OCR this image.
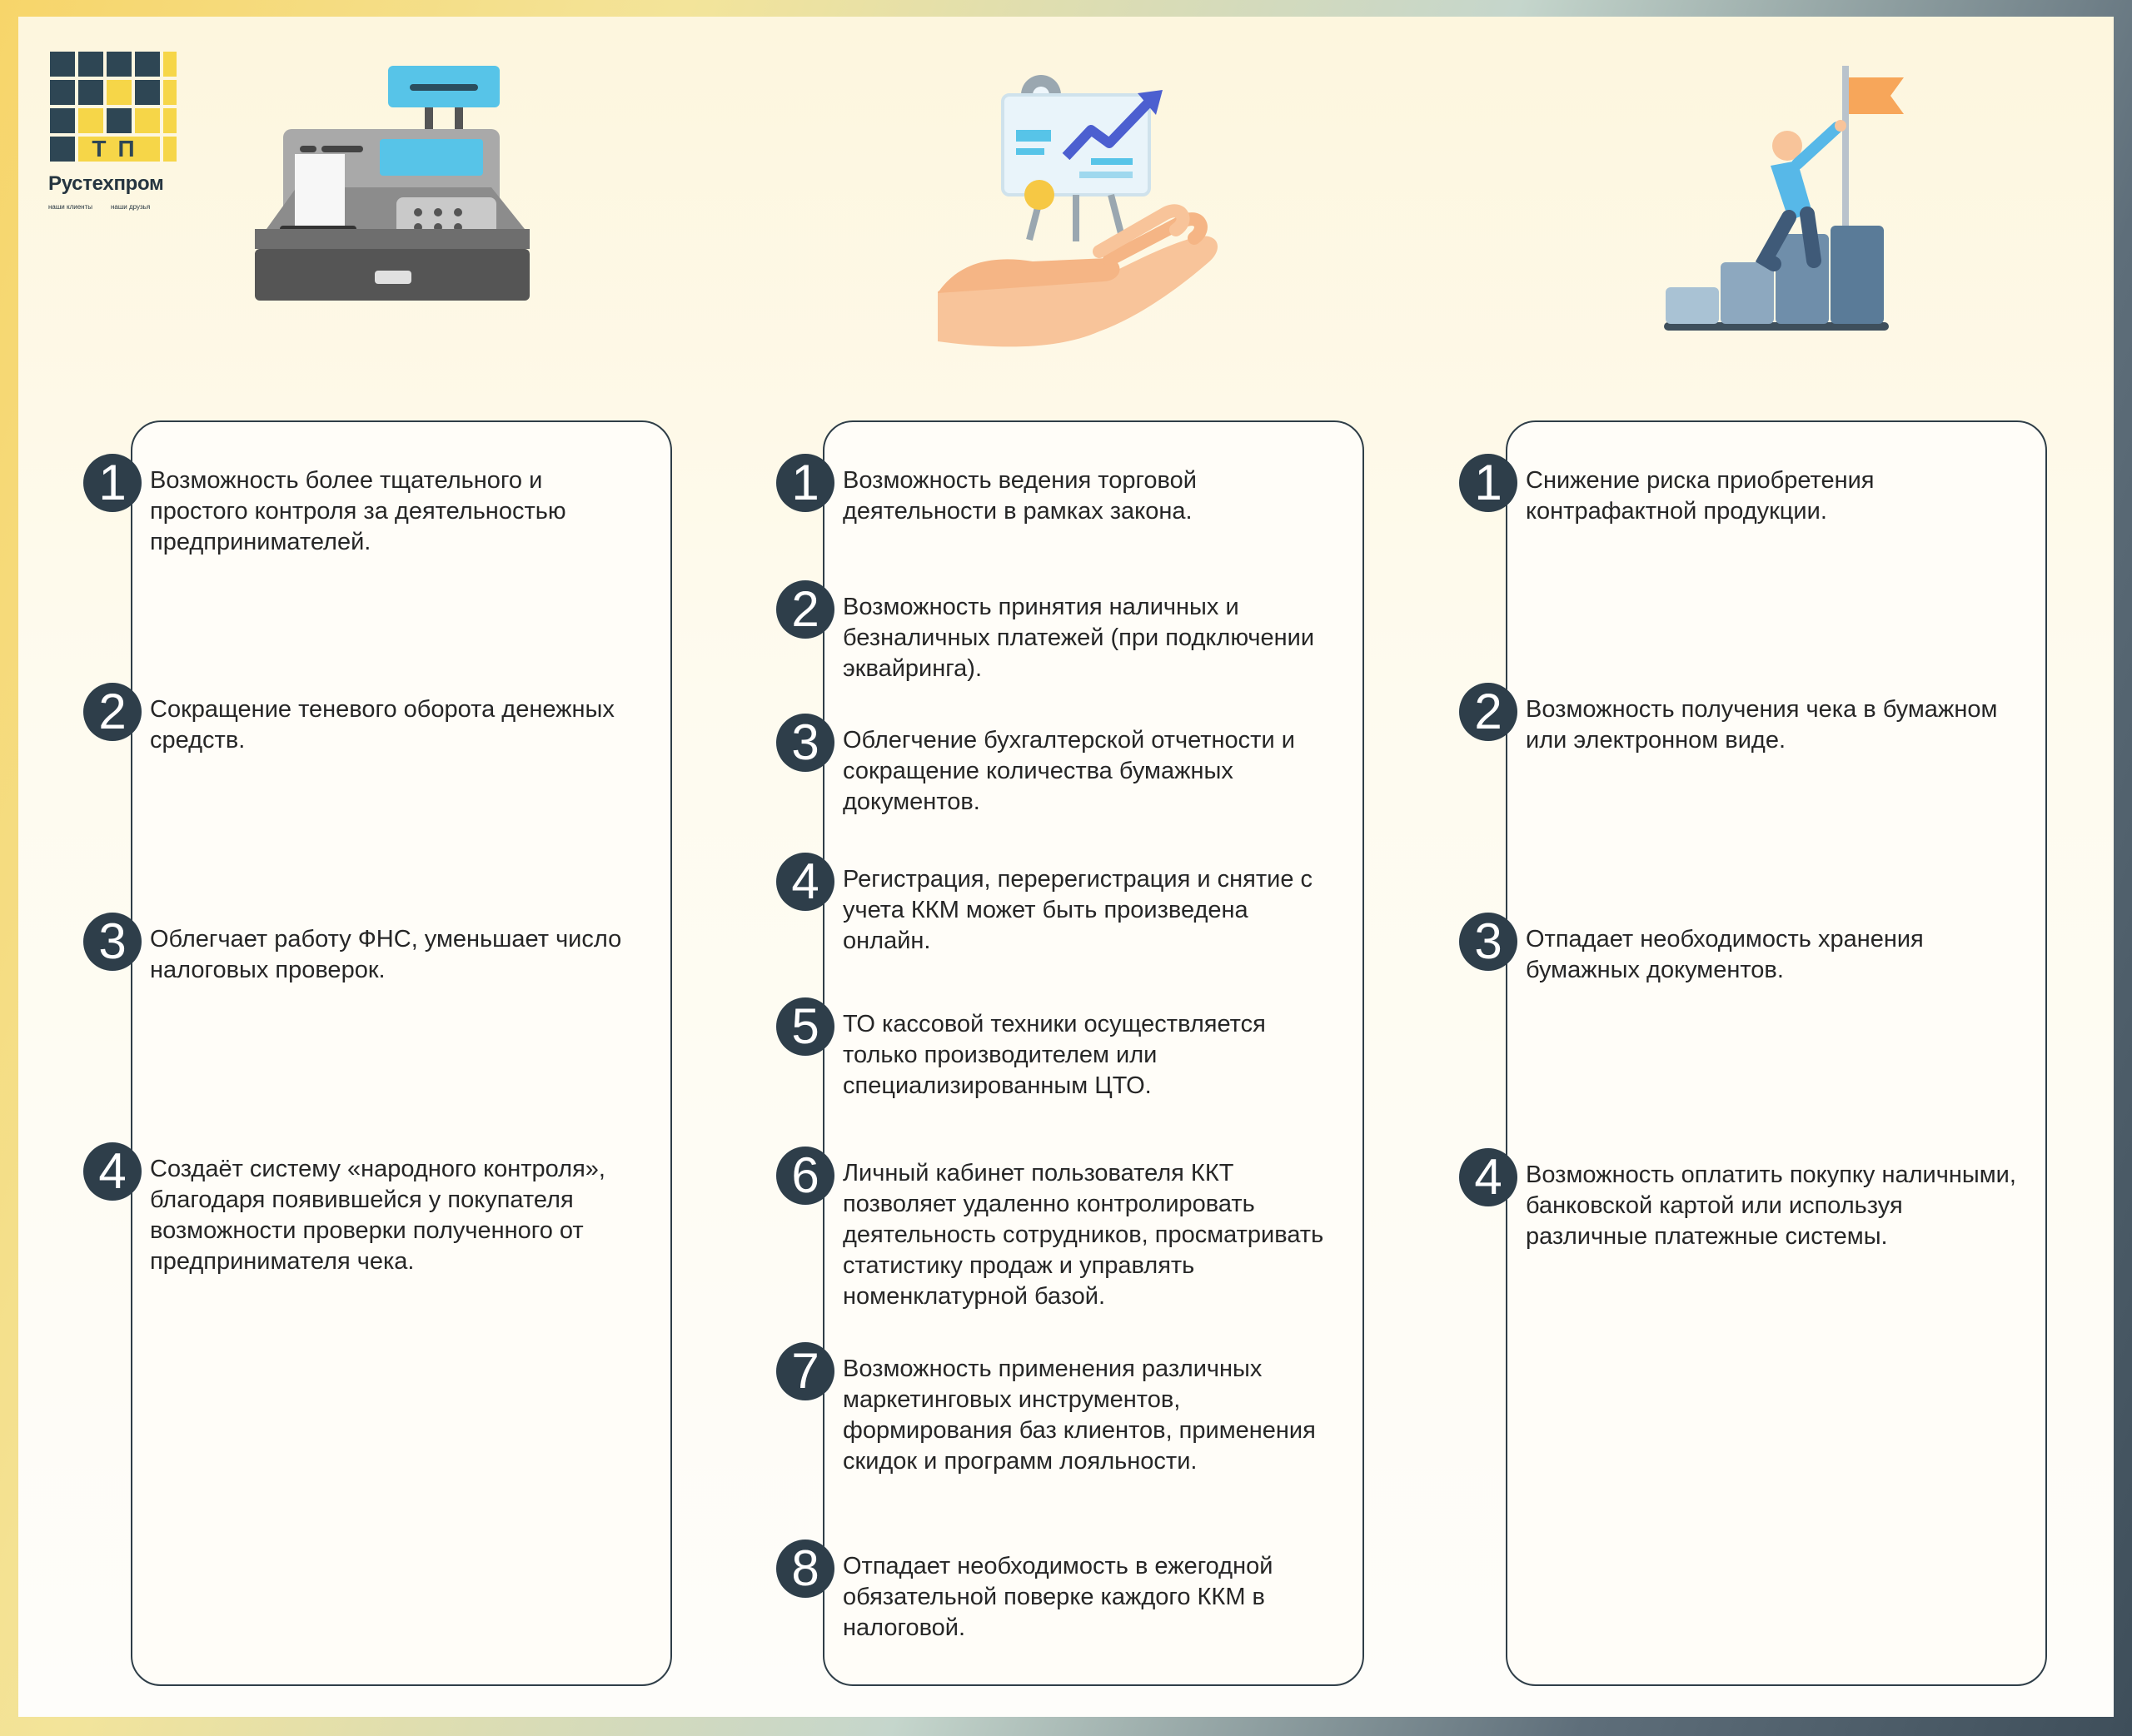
ТП
Рустехпром
наши клиенты	наши друзья
1 Возможность более тщательного и простого контроля за деятельностью предпринимателей.
2 Сокращение теневого оборота денежных средств.
3 Облегчает работу ФНС, уменьшает число налоговых проверок.
4 Создаёт систему «народного контроля», благодаря появившейся у покупателя возможности проверки полученного от предпринимателя чека.
1 Возможность ведения торговой деятельности в рамках закона.
2 Возможность принятия наличных и безналичных платежей (при подключении эквайринга).
3 Облегчение бухгалтерской отчетности и сокращение количества бумажных документов.
4 Регистрация, перерегистрация и снятие с учета ККМ может быть произведена онлайн.
5 ТО кассовой техники осуществляется только производителем или специализированным ЦТО.
6 Личный кабинет пользователя ККТ позволяет удаленно контролировать деятельность сотрудников, просматривать статистику продаж и управлять номенклатурной базой.
7 Возможность применения различных маркетинговых инструментов, формирования баз клиентов, применения скидок и программ лояльности.
8 Отпадает необходимость в ежегодной обязательной поверке каждого ККМ в налоговой.
1 Снижение риска приобретения контрафактной продукции.
2 Возможность получения чека в бумажном или электронном виде.
3 Отпадает необходимость хранения бумажных документов.
4 Возможность оплатить покупку наличными, банковской картой или используя различные платежные системы.
